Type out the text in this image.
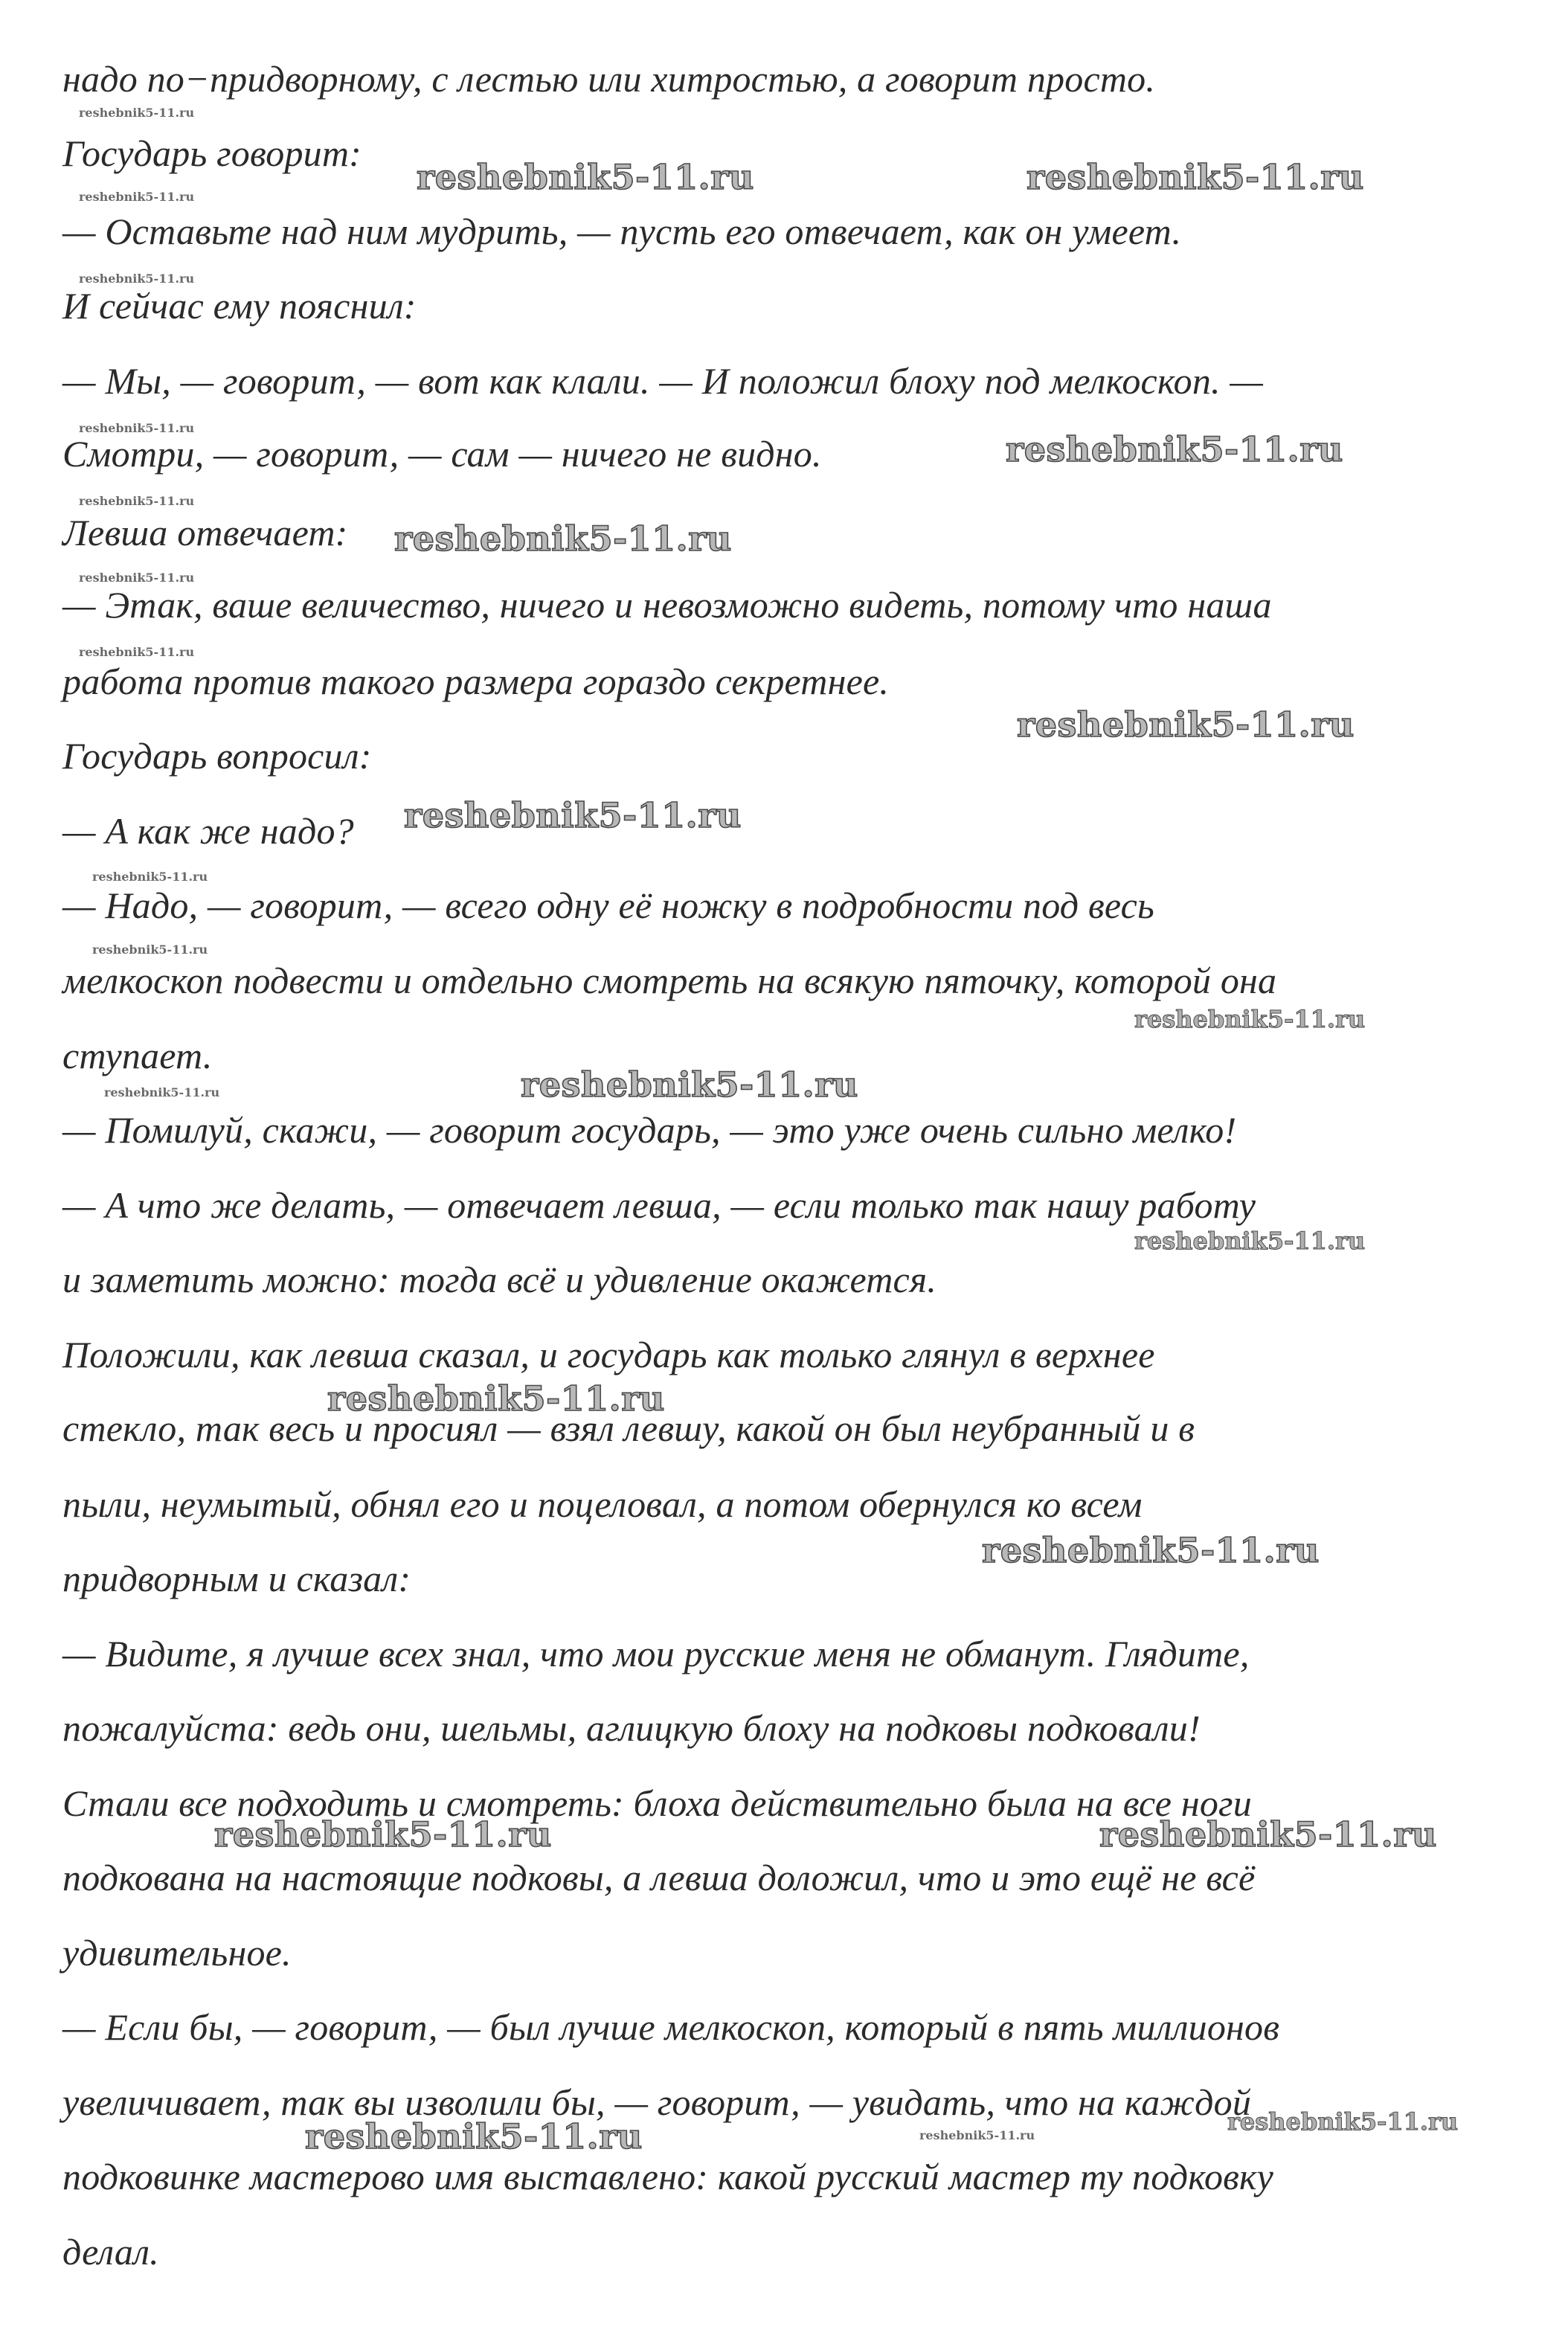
надо по−придворному, с лестью или хитростью, а говорит просто.
Государь говорит:
— Оставьте над ним мудрить, — пусть его отвечает, как он умеет.
И сейчас ему пояснил:
— Мы, — говорит, — вот как клали. — И положил блоху под мелкоскоп. —
Смотри, — говорит, — сам — ничего не видно.
Левша отвечает:
— Этак, ваше величество, ничего и невозможно видеть, потому что наша
работа против такого размера гораздо секретнее.
Государь вопросил:
— А как же надо?
— Надо, — говорит, — всего одну её ножку в подробности под весь
мелкоскоп подвести и отдельно смотреть на всякую пяточку, которой она
ступает.
— Помилуй, скажи, — говорит государь, — это уже очень сильно мелко!
— А что же делать, — отвечает левша, — если только так нашу работу
и заметить можно: тогда всё и удивление окажется.
Положили, как левша сказал, и государь как только глянул в верхнее
стекло, так весь и просиял — взял левшу, какой он был неубранный и в
пыли, неумытый, обнял его и поцеловал, а потом обернулся ко всем
придворным и сказал:
— Видите, я лучше всех знал, что мои русские меня не обманут. Глядите,
пожалуйста: ведь они, шельмы, аглицкую блоху на подковы подковали!
Стали все подходить и смотреть: блоха действительно была на все ноги
подкована на настоящие подковы, а левша доложил, что и это ещё не всё
удивительное.
— Если бы, — говорит, — был лучше мелкоскоп, который в пять миллионов
увеличивает, так вы изволили бы, — говорит, — увидать, что на каждой
подковинке мастерово имя выставлено: какой русский мастер ту подковку
делал.
reshebnik5-11.ru	reshebnik5-11.ru
reshebnik5-11.ru
reshebnik5-11.ru
reshebnik5-11.ru
reshebnik5-11.ru
reshebnik5-11.ru
reshebnik5-11.ru
reshebnik5-11.ru
reshebnik5-11.ru	reshebnik5-11.ru
reshebnik5-11.ru
reshebnik5-11.ru
reshebnik5-11.ru
reshebnik5-11.ru
reshebnik5-11.ru
reshebnik5-11.ru
reshebnik5-11.ru
reshebnik5-11.ru
reshebnik5-11.ru
reshebnik5-11.ru
reshebnik5-11.ru
reshebnik5-11.ru
reshebnik5-11.ru
reshebnik5-11.ru
reshebnik5-11.ru
